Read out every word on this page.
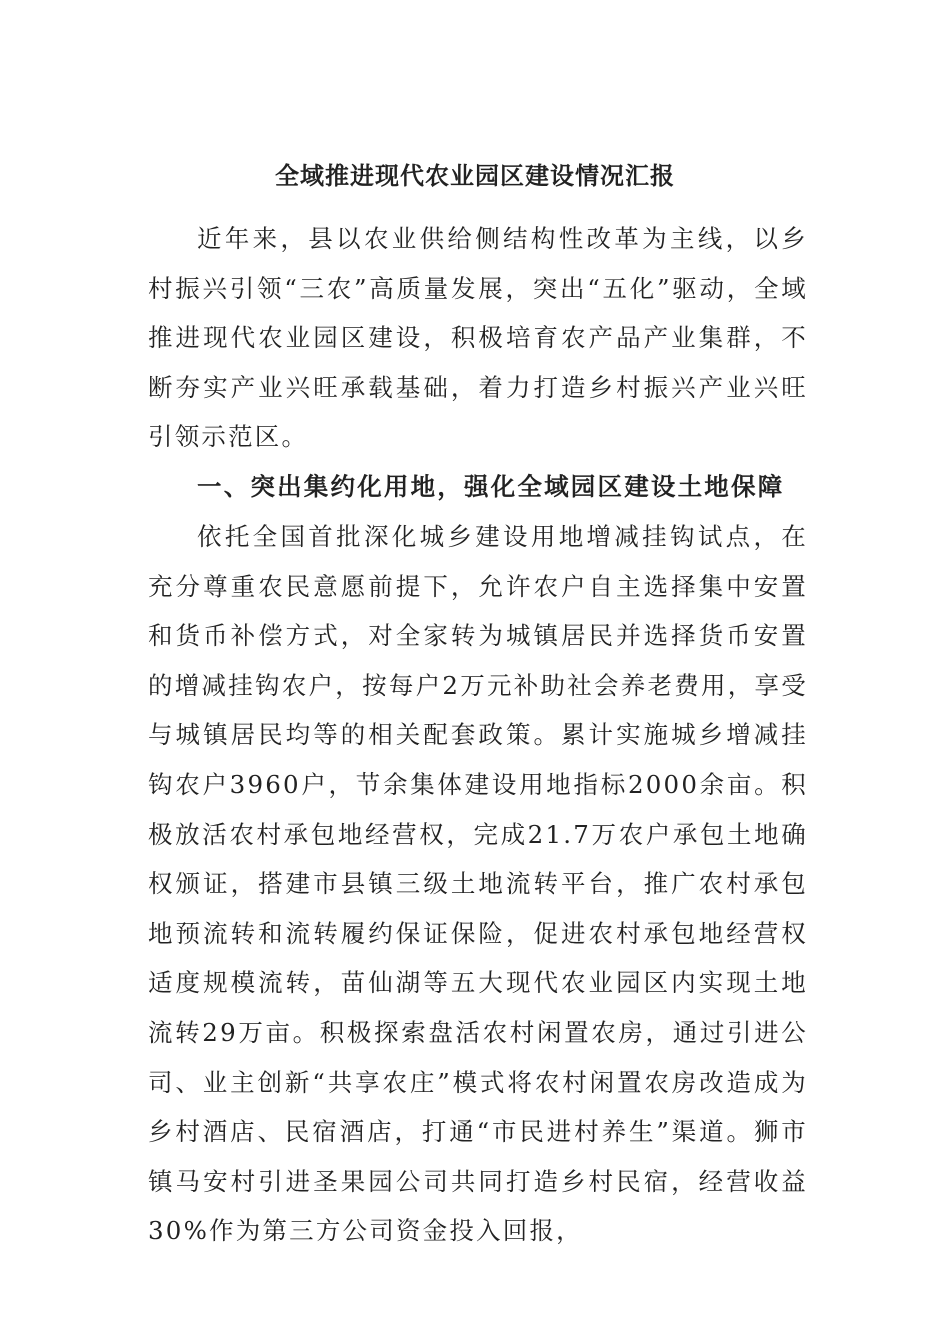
全域推进现代农业园区建设情况汇报

近年来，县以农业供给侧结构性改革为主线，以乡村振兴引领“三农”高质量发展，突出“五化”驱动，全域推进现代农业园区建设，积极培育农产品产业集群，不断夯实产业兴旺承载基础，着力打造乡村振兴产业兴旺引领示范区。

一、突出集约化用地，强化全域园区建设土地保障

依托全国首批深化城乡建设用地增减挂钩试点，在充分尊重农民意愿前提下，允许农户自主选择集中安置和货币补偿方式，对全家转为城镇居民并选择货币安置的增减挂钩农户，按每户2万元补助社会养老费用，享受与城镇居民均等的相关配套政策。累计实施城乡增减挂钩农户3960户，节余集体建设用地指标2000余亩。积极放活农村承包地经营权，完成21.7万农户承包土地确权颁证，搭建市县镇三级土地流转平台，推广农村承包地预流转和流转履约保证保险，促进农村承包地经营权适度规模流转，苗仙湖等五大现代农业园区内实现土地流转29万亩。积极探索盘活农村闲置农房，通过引进公司、业主创新“共享农庄”模式将农村闲置农房改造成为乡村酒店、民宿酒店，打通“市民进村养生”渠道。狮市镇马安村引进圣果园公司共同打造乡村民宿，经营收益30%作为第三方公司资金投入回报，
